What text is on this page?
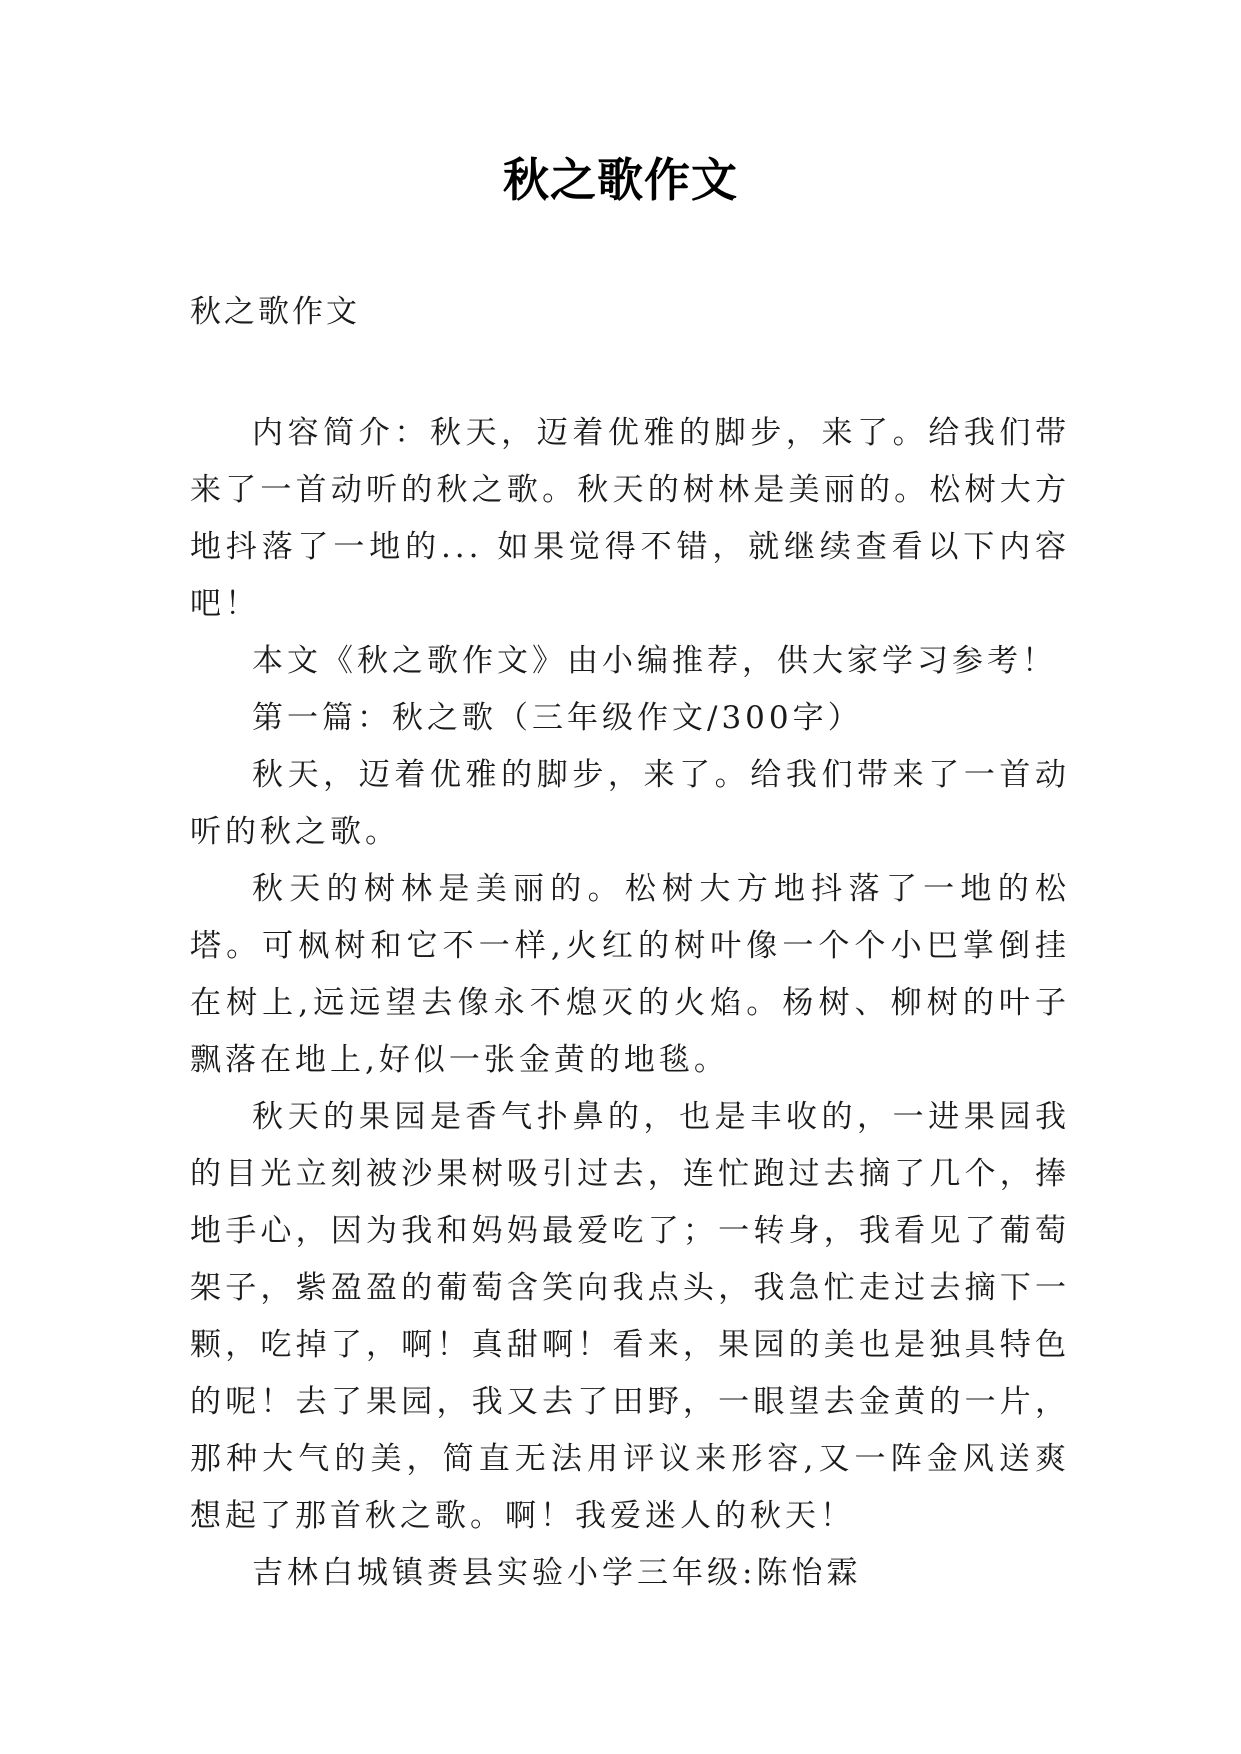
秋之歌作文
秋之歌作文

内容简介：秋天，迈着优雅的脚步，来了。给我们带来了一首动听的秋之歌。秋天的树林是美丽的。松树大方地抖落了一地的... 如果觉得不错，就继续查看以下内容吧！

本文《秋之歌作文》由小编推荐，供大家学习参考！

第一篇：秋之歌（三年级作文/300字）

秋天，迈着优雅的脚步，来了。给我们带来了一首动听的秋之歌。

秋天的树林是美丽的。松树大方地抖落了一地的松塔。可枫树和它不一样,火红的树叶像一个个小巴掌倒挂在树上,远远望去像永不熄灭的火焰。杨树、柳树的叶子飘落在地上,好似一张金黄的地毯。

秋天的果园是香气扑鼻的，也是丰收的，一进果园我的目光立刻被沙果树吸引过去，连忙跑过去摘了几个，捧地手心，因为我和妈妈最爱吃了；一转身，我看见了葡萄架子，紫盈盈的葡萄含笑向我点头，我急忙走过去摘下一颗，吃掉了，啊！真甜啊！看来，果园的美也是独具特色的呢！去了果园，我又去了田野，一眼望去金黄的一片，那种大气的美，简直无法用评议来形容,又一阵金风送爽想起了那首秋之歌。啊！我爱迷人的秋天！

吉林白城镇赉县实验小学三年级:陈怡霖
